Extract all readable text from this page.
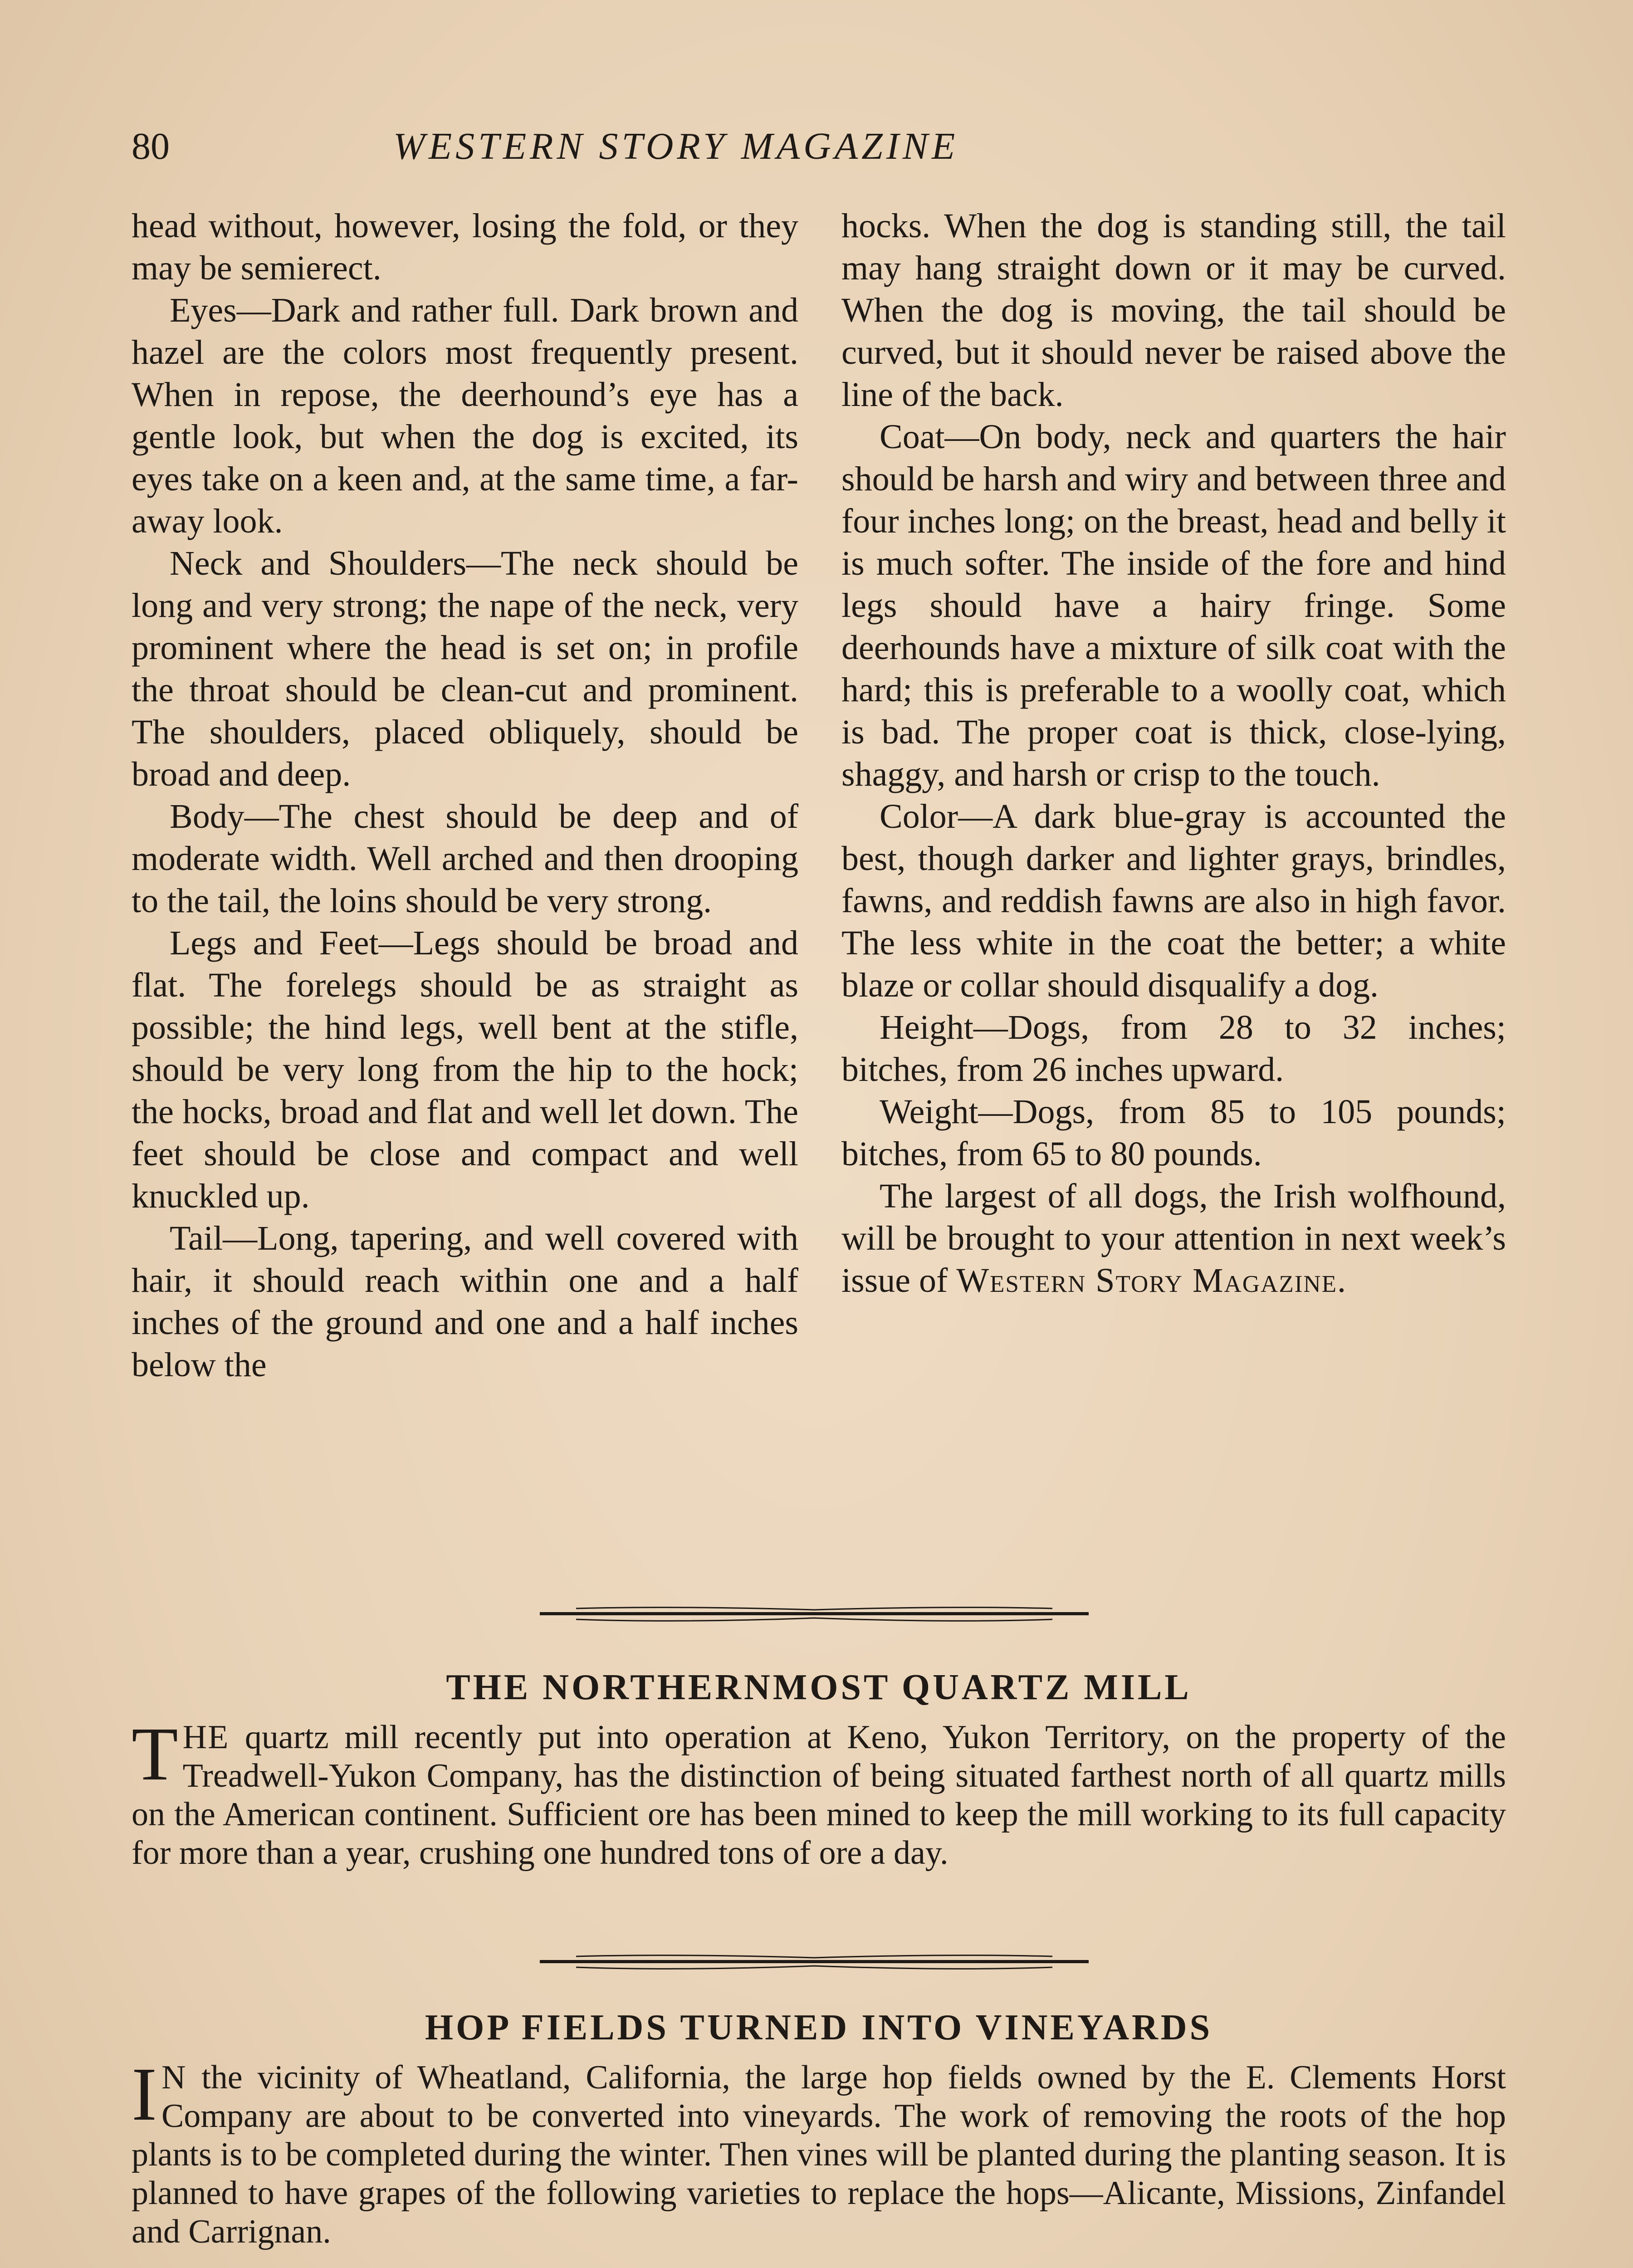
80	WESTERN STORY MAGAZINE

head without, however, losing the fold, or they may be semierect.

Eyes—Dark and rather full. Dark brown and hazel are the colors most frequently present. When in repose, the deerhound’s eye has a gentle look, but when the dog is excited, its eyes take on a keen and, at the same time, a far-away look.

Neck and Shoulders—The neck should be long and very strong; the nape of the neck, very prominent where the head is set on; in profile the throat should be clean-cut and prominent. The shoulders, placed obliquely, should be broad and deep.

Body—The chest should be deep and of moderate width. Well arched and then drooping to the tail, the loins should be very strong.

Legs and Feet—Legs should be broad and flat. The forelegs should be as straight as possible; the hind legs, well bent at the stifle, should be very long from the hip to the hock; the hocks, broad and flat and well let down. The feet should be close and compact and well knuckled up.

Tail—Long, tapering, and well covered with hair, it should reach within one and a half inches of the ground and one and a half inches below the

hocks. When the dog is standing still, the tail may hang straight down or it may be curved. When the dog is moving, the tail should be curved, but it should never be raised above the line of the back.

Coat—On body, neck and quarters the hair should be harsh and wiry and between three and four inches long; on the breast, head and belly it is much softer. The inside of the fore and hind legs should have a hairy fringe. Some deerhounds have a mixture of silk coat with the hard; this is preferable to a woolly coat, which is bad. The proper coat is thick, close-lying, shaggy, and harsh or crisp to the touch.

Color—A dark blue-gray is accounted the best, though darker and lighter grays, brindles, fawns, and reddish fawns are also in high favor. The less white in the coat the better; a white blaze or collar should disqualify a dog.

Height—Dogs, from 28 to 32 inches; bitches, from 26 inches upward.

Weight—Dogs, from 85 to 105 pounds; bitches, from 65 to 80 pounds.

The largest of all dogs, the Irish wolfhound, will be brought to your attention in next week’s issue of Western Story Magazine.

THE NORTHERNMOST QUARTZ MILL

THE quartz mill recently put into operation at Keno, Yukon Territory, on the property of the Treadwell-Yukon Company, has the distinction of being situated farthest north of all quartz mills on the American continent. Sufficient ore has been mined to keep the mill working to its full capacity for more than a year, crushing one hundred tons of ore a day.

HOP FIELDS TURNED INTO VINEYARDS

I N the vicinity of Wheatland, California, the large hop fields owned by the E. Clements Horst Company are about to be converted into vineyards. The work of removing the roots of the hop plants is to be completed during the winter. Then vines will be planted during the planting season. It is planned to have grapes of the following varieties to replace the hops—Alicante, Missions, Zinfandel and Carrignan.
